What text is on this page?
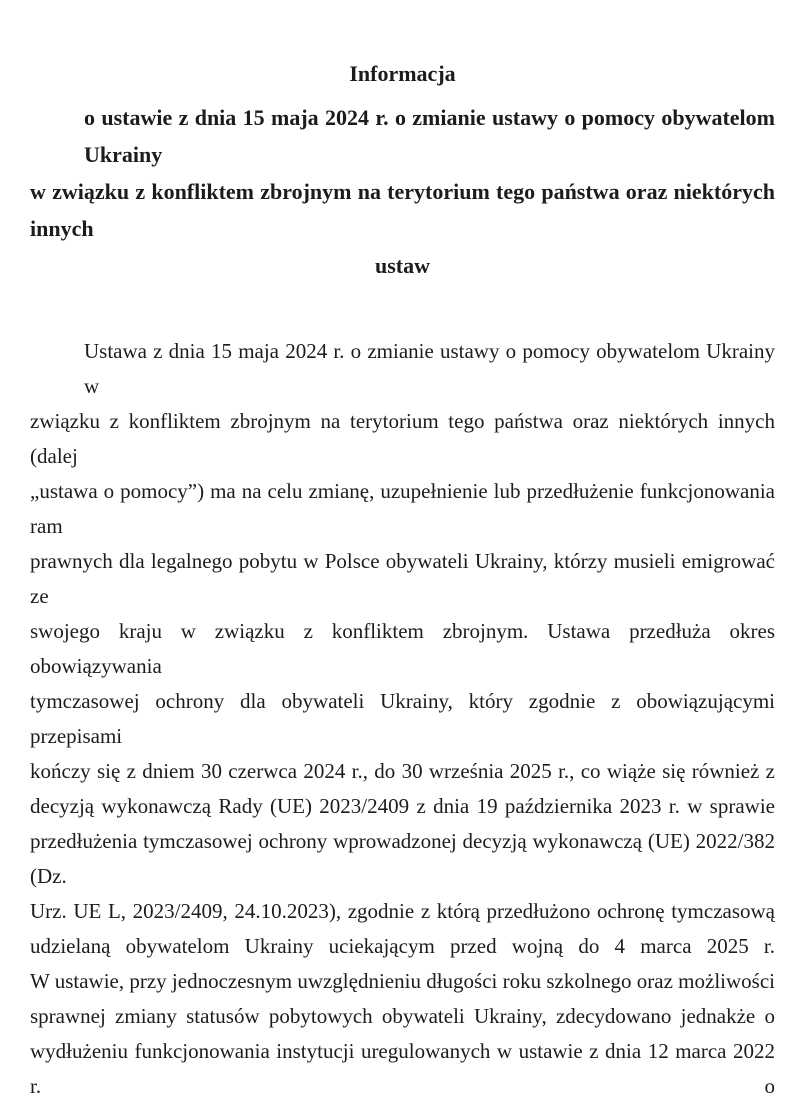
Informacja
o ustawie z dnia 15 maja 2024 r. o zmianie ustawy o pomocy obywatelom Ukrainy
w związku z konfliktem zbrojnym na terytorium tego państwa oraz niektórych innych
ustaw
Ustawa z dnia 15 maja 2024 r. o zmianie ustawy o pomocy obywatelom Ukrainy w
związku z konfliktem zbrojnym na terytorium tego państwa oraz niektórych innych (dalej
„ustawa o pomocy”) ma na celu zmianę, uzupełnienie lub przedłużenie funkcjonowania ram
prawnych dla legalnego pobytu w Polsce obywateli Ukrainy, którzy musieli emigrować ze
swojego kraju w związku z konfliktem zbrojnym. Ustawa przedłuża okres obowiązywania
tymczasowej ochrony dla obywateli Ukrainy, który zgodnie z obowiązującymi przepisami
kończy się z dniem 30 czerwca 2024 r., do 30 września 2025 r., co wiąże się również z
decyzją wykonawczą Rady (UE) 2023/2409 z dnia 19 października 2023 r. w sprawie
przedłużenia tymczasowej ochrony wprowadzonej decyzją wykonawczą (UE) 2022/382 (Dz.
Urz. UE L, 2023/2409, 24.10.2023), zgodnie z którą przedłużono ochronę tymczasową
udzielaną obywatelom Ukrainy uciekającym przed wojną do 4 marca 2025 r.
W ustawie, przy jednoczesnym uwzględnieniu długości roku szkolnego oraz możliwości
sprawnej zmiany statusów pobytowych obywateli Ukrainy, zdecydowano jednakże o
wydłużeniu funkcjonowania instytucji uregulowanych w ustawie z dnia 12 marca 2022 r. o
